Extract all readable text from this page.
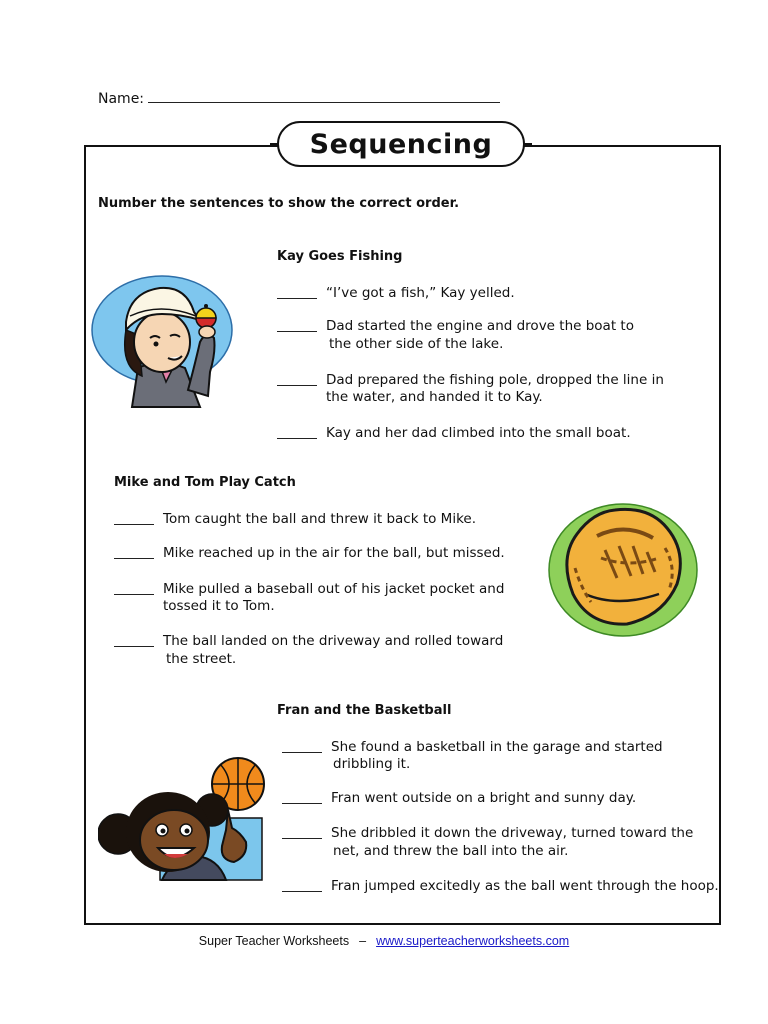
Name:
Sequencing
Number the sentences to show the correct order.
Kay Goes Fishing
“I’ve got a fish,” Kay yelled.
Dad started the engine and drove the boat to
the other side of the lake.
Dad prepared the fishing pole, dropped the line in
the water, and handed it to Kay.
Kay and her dad climbed into the small boat.
Mike and Tom Play Catch
Tom caught the ball and threw it back to Mike.
Mike reached up in the air for the ball, but missed.
Mike pulled a baseball out of his jacket pocket and
tossed it to Tom.
The ball landed on the driveway and rolled toward
the street.
Fran and the Basketball
She found a basketball in the garage and started
dribbling it.
Fran went outside on a bright and sunny day.
She dribbled it down the driveway, turned toward the
net, and threw the ball into the air.
Fran jumped excitedly as the ball went through the hoop.
Super Teacher Worksheets – www.superteacherworksheets.com
